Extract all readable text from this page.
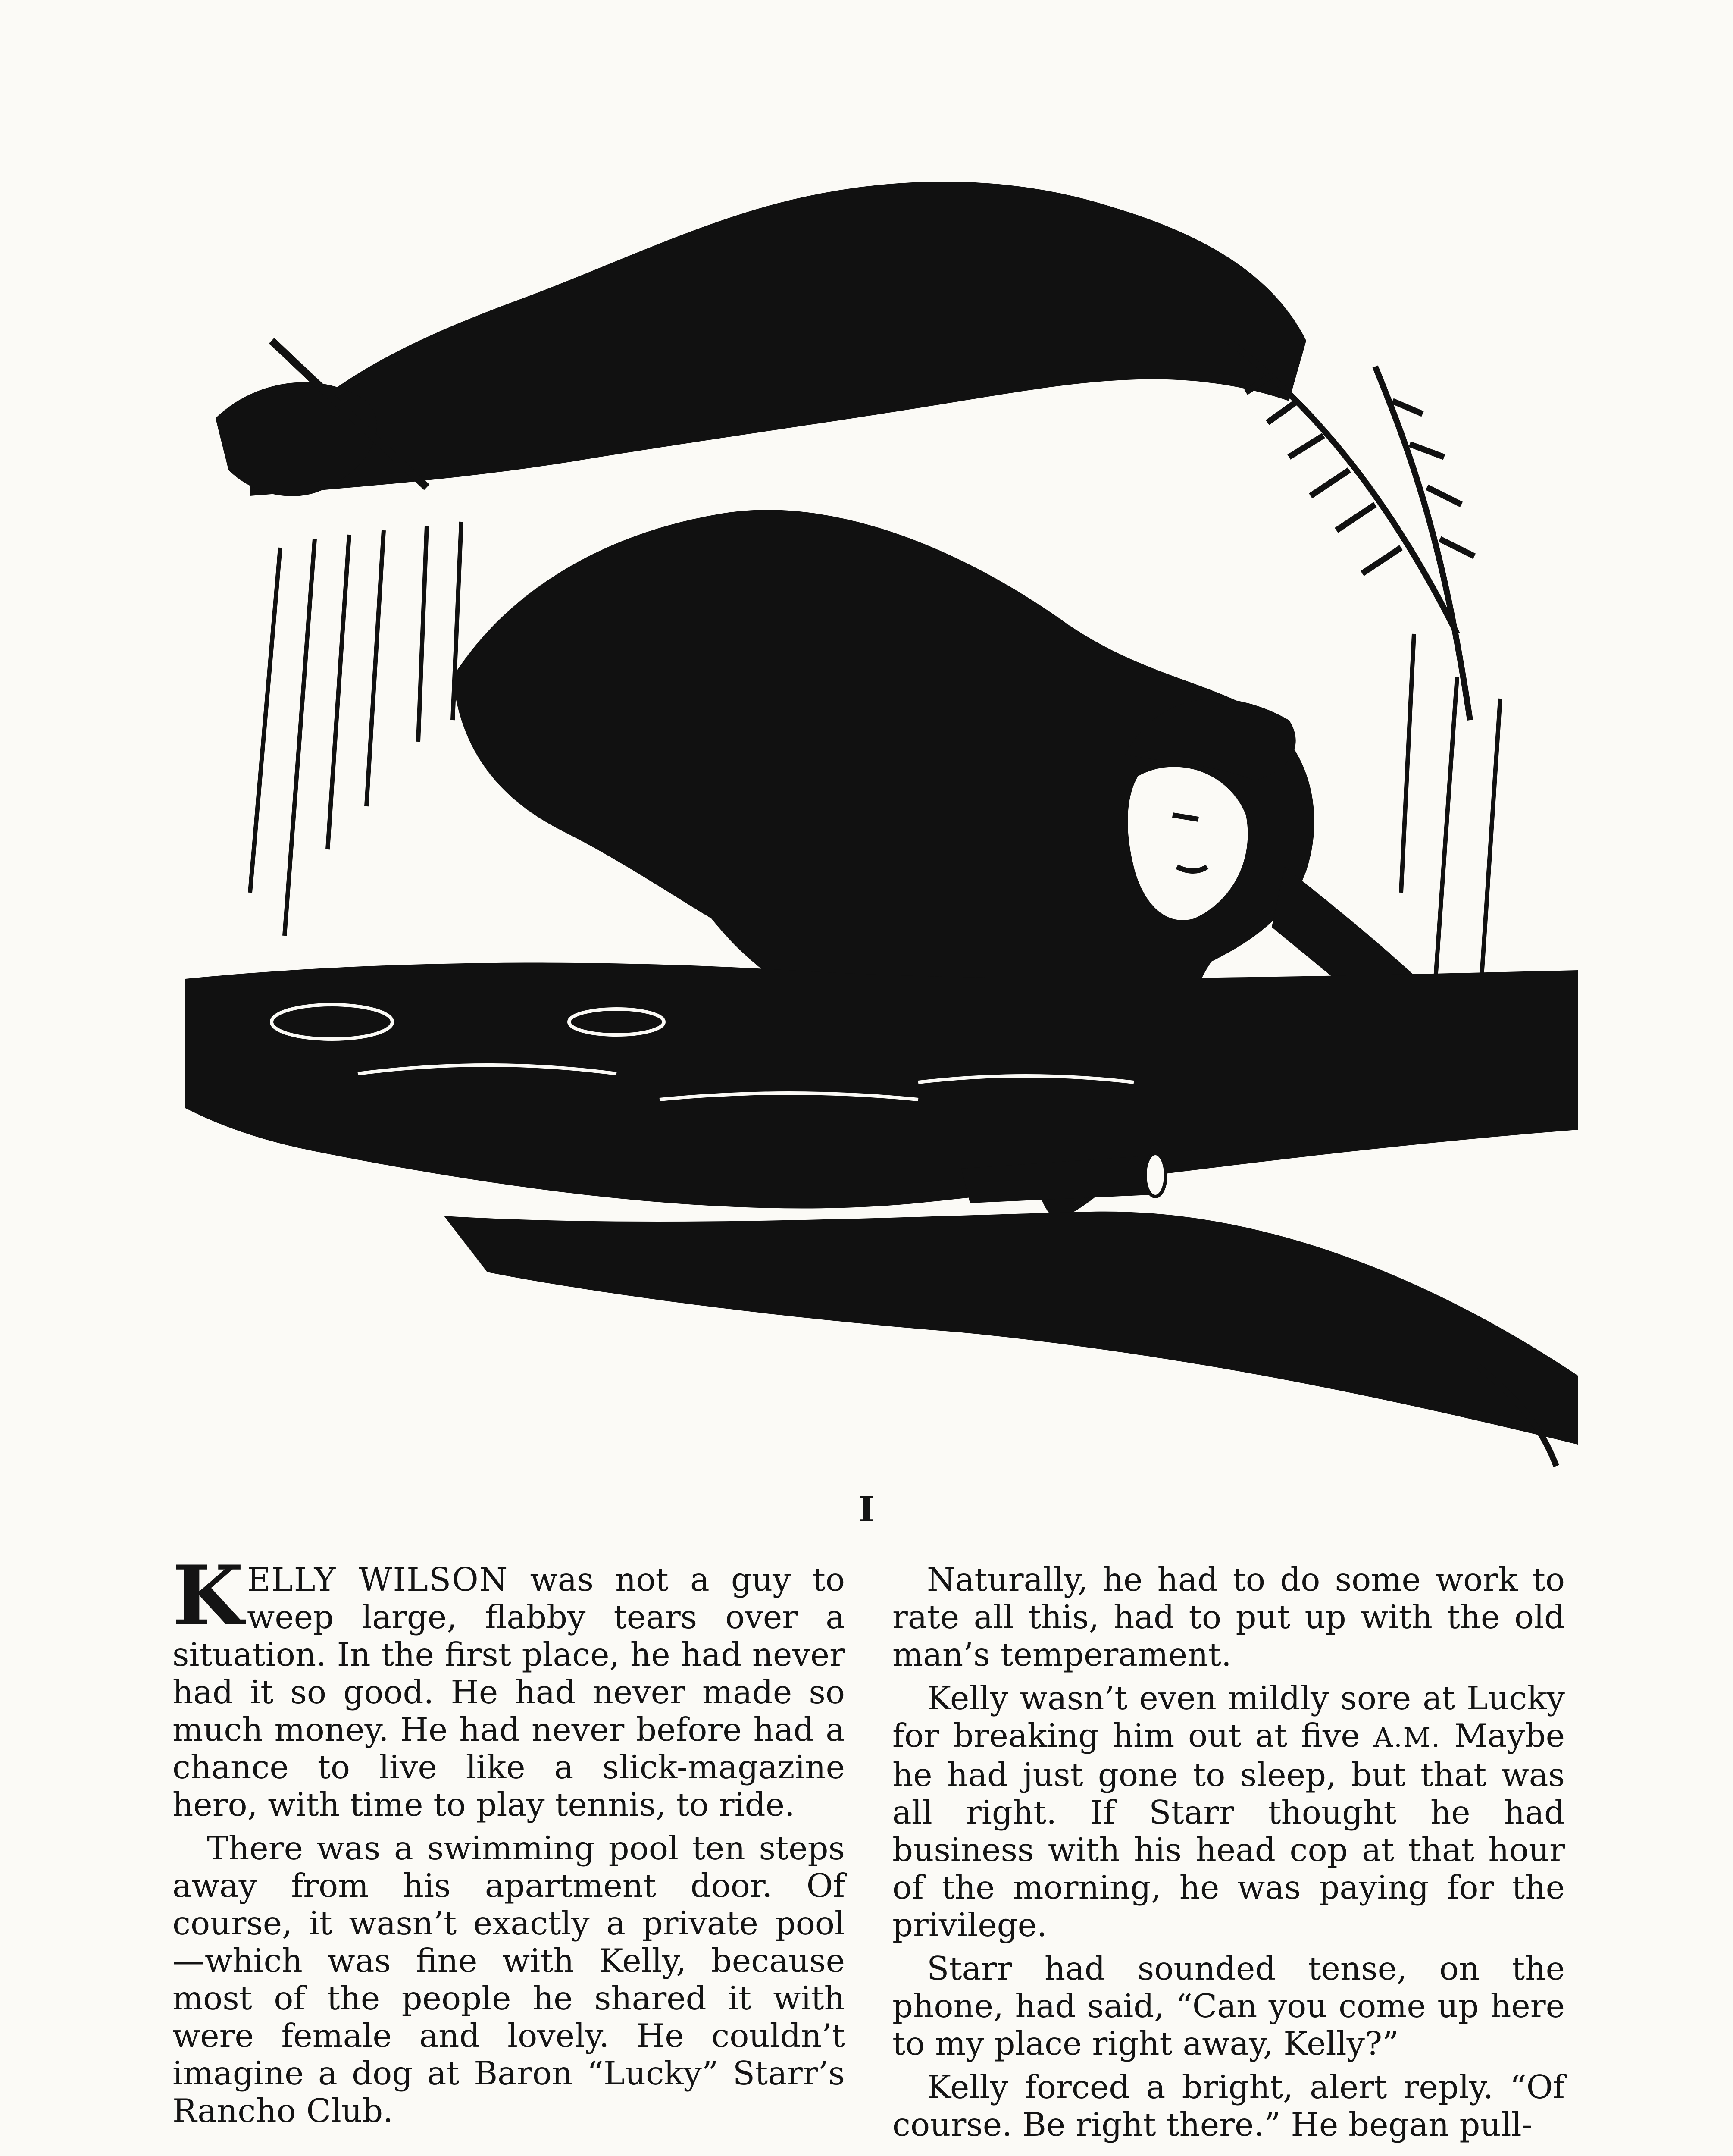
I

KELLY WILSON was not a guy to weep large, flabby tears over a situation. In the first place, he had never had it so good. He had never made so much money. He had never before had a chance to live like a slick-magazine hero, with time to play tennis, to ride.

There was a swimming pool ten steps away from his apartment door. Of course, it wasn’t exactly a private pool —which was fine with Kelly, because most of the people he shared it with were female and lovely. He couldn’t imagine a dog at Baron “Lucky” Starr’s Rancho Club.

Naturally, he had to do some work to rate all this, had to put up with the old man’s temperament.

Kelly wasn’t even mildly sore at Lucky for breaking him out at five A.M. Maybe he had just gone to sleep, but that was all right. If Starr thought he had business with his head cop at that hour of the morning, he was paying for the privilege.

Starr had sounded tense, on the phone, had said, “Can you come up here to my place right away, Kelly?”

Kelly forced a bright, alert reply. “Of course. Be right there.” He began pull-
